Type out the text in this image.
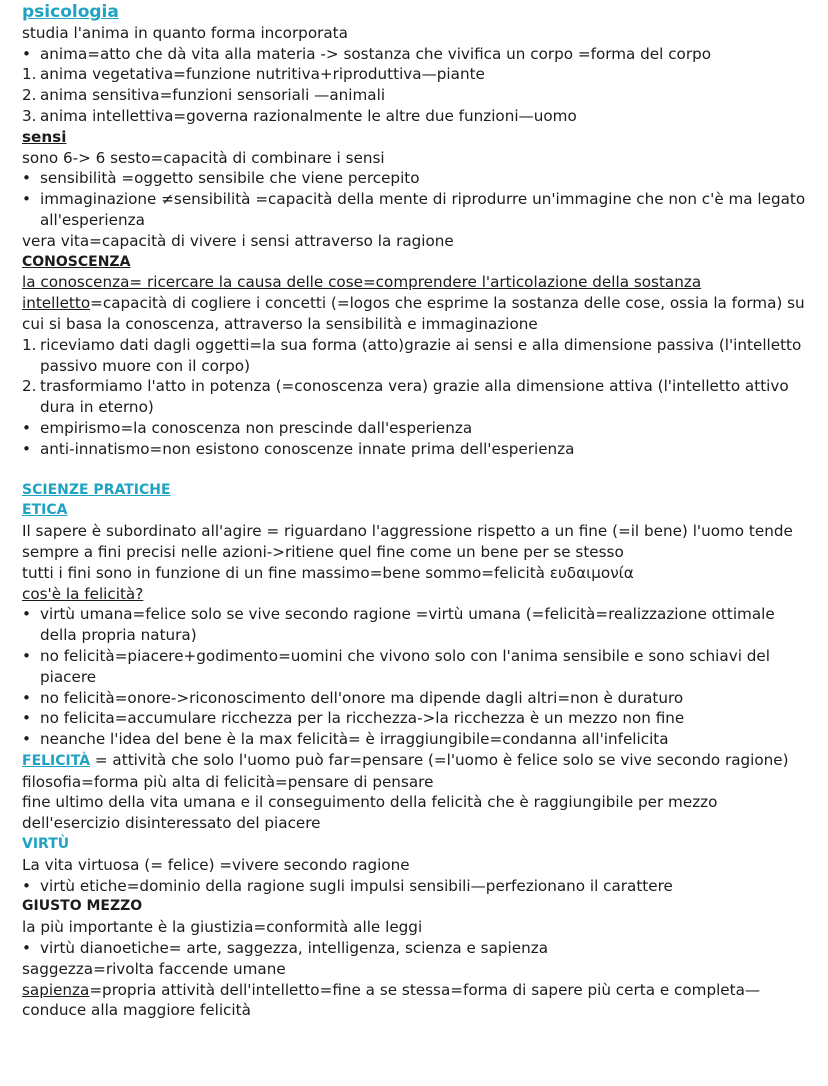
psicologia
studia l'anima in quanto forma incorporata
• anima=atto che dà vita alla materia -> sostanza che vivifica un corpo =forma del corpo
1. anima vegetativa=funzione nutritiva+riproduttiva—piante
2. anima sensitiva=funzioni sensoriali —animali
3. anima intellettiva=governa razionalmente le altre due funzioni—uomo
sensi
sono 6-> 6 sesto=capacità di combinare i sensi
• sensibilità =oggetto sensibile che viene percepito
• immaginazione ≠sensibilità =capacità della mente di riprodurre un'immagine che non c'è ma legato all'esperienza
vera vita=capacità di vivere i sensi attraverso la ragione
CONOSCENZA
la conoscenza= ricercare la causa delle cose=comprendere l'articolazione della sostanza
intelletto=capacità di cogliere i concetti (=logos che esprime la sostanza delle cose, ossia la forma) su cui si basa la conoscenza, attraverso la sensibilità e immaginazione
1. riceviamo dati dagli oggetti=la sua forma (atto)grazie ai sensi e alla dimensione passiva (l'intelletto passivo muore con il corpo)
2. trasformiamo l'atto in potenza (=conoscenza vera) grazie alla dimensione attiva (l'intelletto attivo dura in eterno)
• empirismo=la conoscenza non prescinde dall'esperienza
• anti-innatismo=non esistono conoscenze innate prima dell'esperienza
SCIENZE PRATICHE
ETICA
Il sapere è subordinato all'agire = riguardano l'aggressione rispetto a un fine (=il bene) l'uomo tende sempre a fini precisi nelle azioni->ritiene quel fine come un bene per se stesso
tutti i fini sono in funzione di un fine massimo=bene sommo=felicità ευδαιμονία
cos'è la felicità?
• virtù umana=felice solo se vive secondo ragione =virtù umana (=felicità=realizzazione ottimale della propria natura)
• no felicità=piacere+godimento=uomini che vivono solo con l'anima sensibile e sono schiavi del piacere
• no felicità=onore->riconoscimento dell'onore ma dipende dagli altri=non è duraturo
• no felicita=accumulare ricchezza per la ricchezza->la ricchezza è un mezzo non fine
• neanche l'idea del bene è la max felicità= è irraggiungibile=condanna all'infelicita
FELICITÀ = attività che solo l'uomo può far=pensare (=l'uomo è felice solo se vive secondo ragione)
filosofia=forma più alta di felicità=pensare di pensare
fine ultimo della vita umana e il conseguimento della felicità che è raggiungibile per mezzo dell'esercizio disinteressato del piacere
VIRTÙ
La vita virtuosa (= felice) =vivere secondo ragione
• virtù etiche=dominio della ragione sugli impulsi sensibili—perfezionano il carattere
GIUSTO MEZZO
la più importante è la giustizia=conformità alle leggi
• virtù dianoetiche= arte, saggezza, intelligenza, scienza e sapienza
saggezza=rivolta faccende umane
sapienza=propria attività dell'intelletto=fine a se stessa=forma di sapere più certa e completa—conduce alla maggiore felicità
